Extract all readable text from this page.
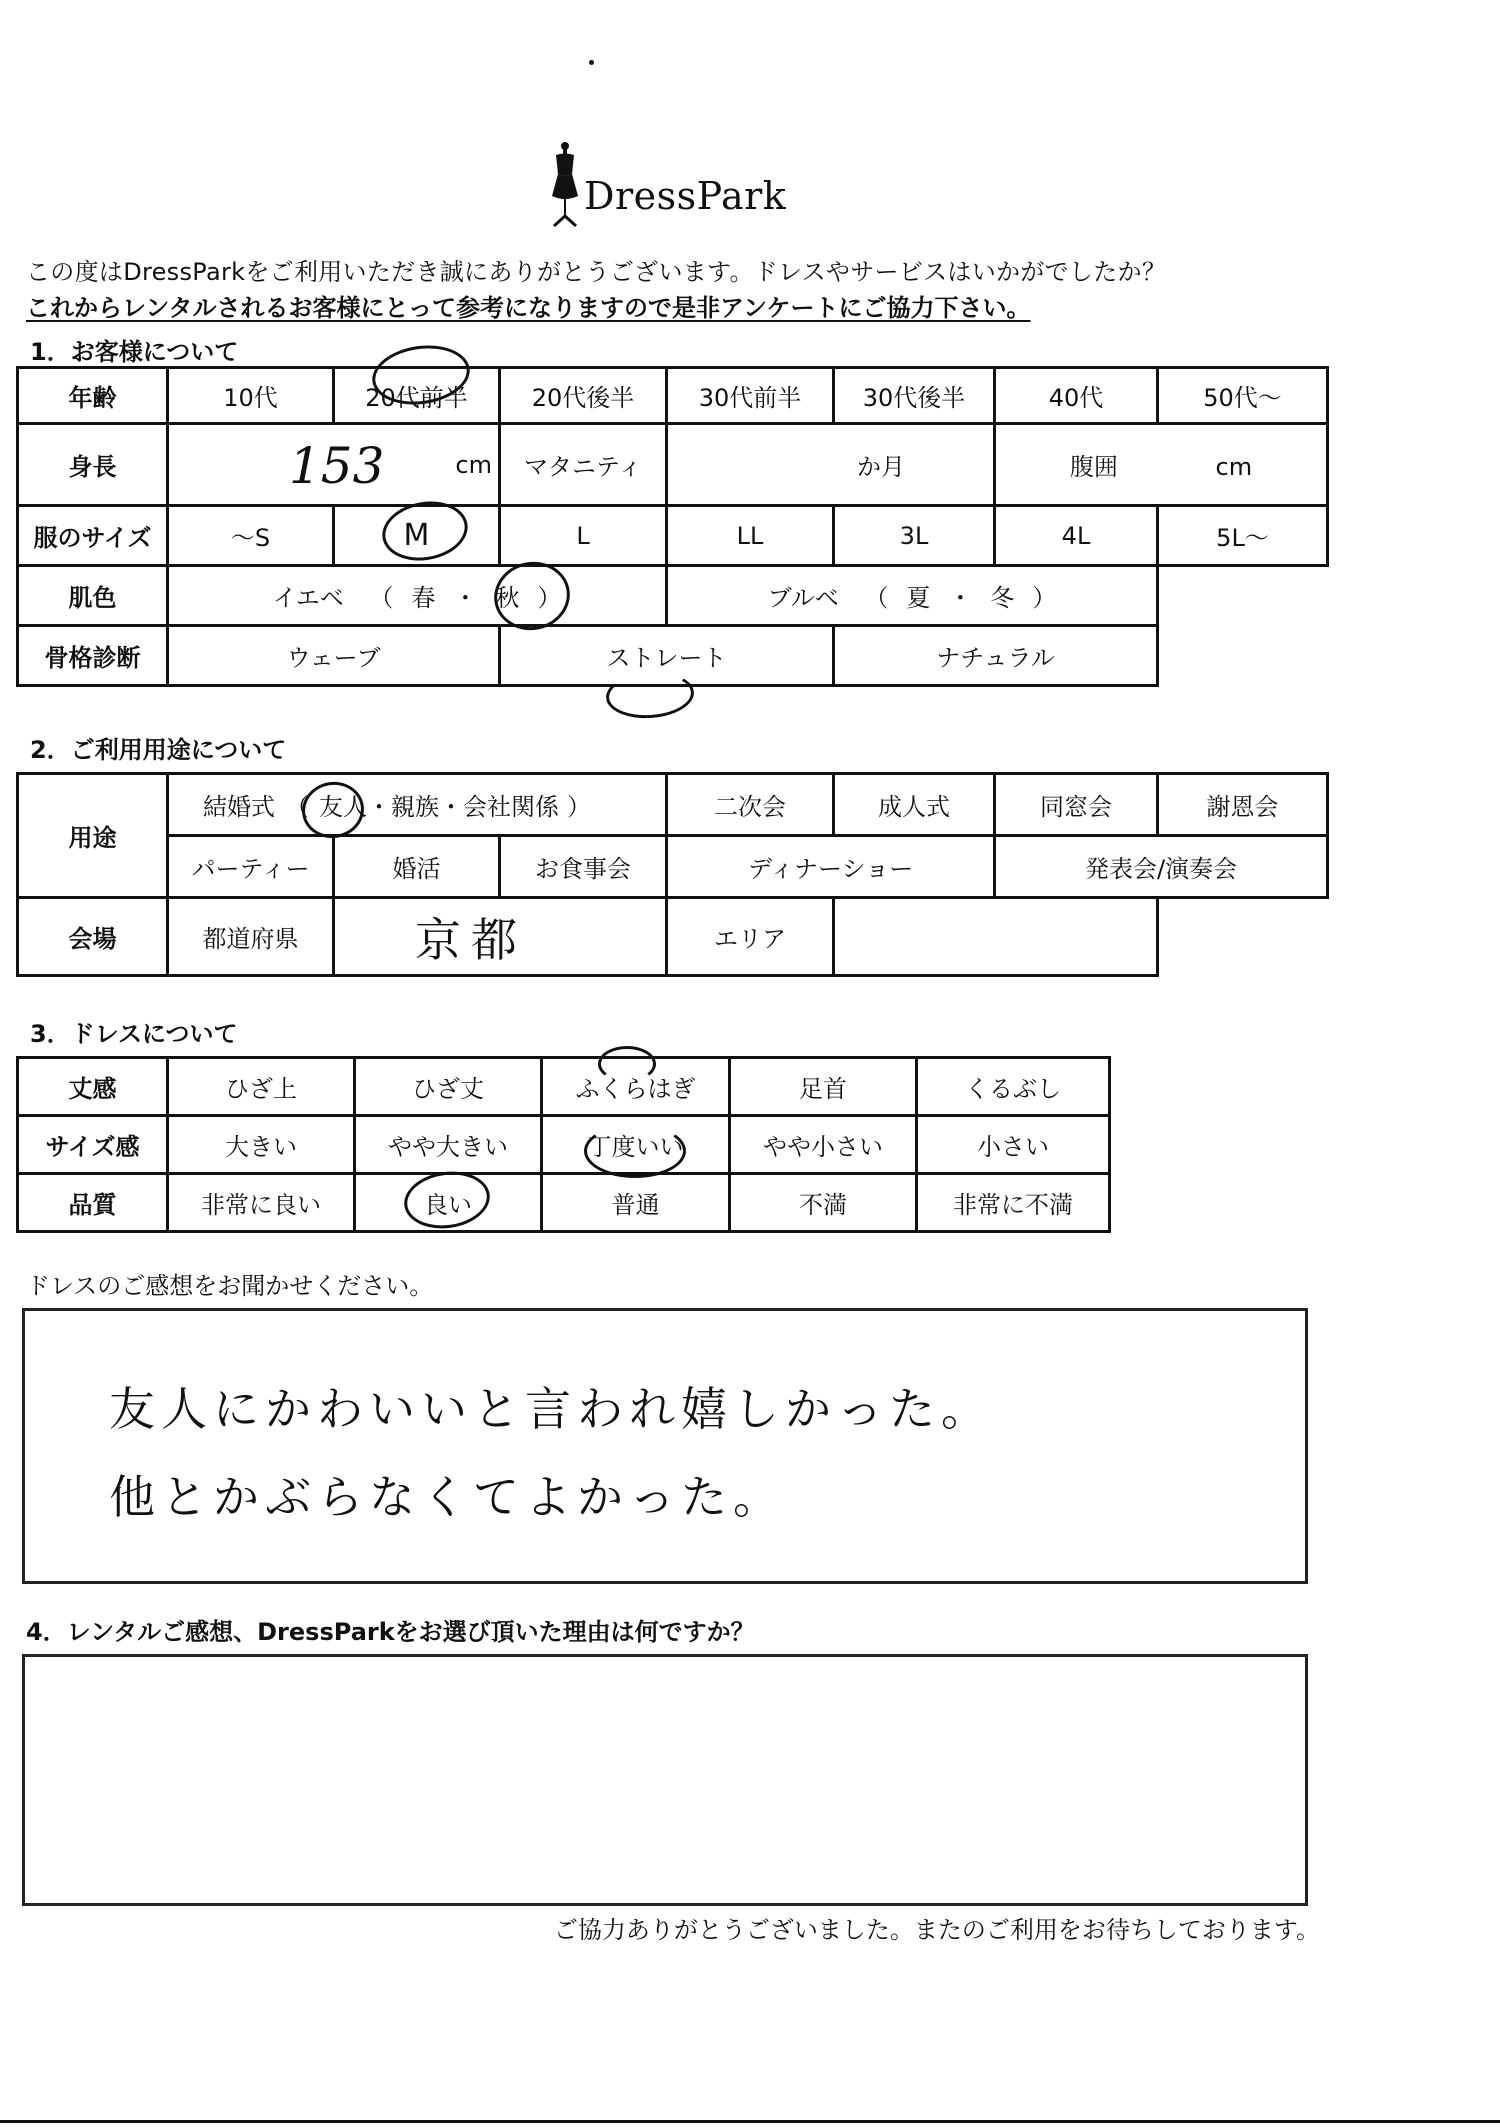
DressPark
この度はDressParkをご利用いただき誠にありがとうございます。ドレスやサービスはいかがでしたか？
これからレンタルされるお客様にとって参考になりますので是非アンケートにご協力下さい。
1．お客様について
年齢	10代	20代前半	20代後半	30代前半	30代後半	40代	50代～
身長	153 cm		マタニティ	か月		腹囲 cm	
服のサイズ	～S	M	L	LL	3L	4L	5L～
肌色	イエベ （ 春 ・ 秋 ）			ブルベ （ 夏 ・ 冬 ）			
骨格診断	ウェーブ		ストレート		ナチュラル		
2．ご利用用途について
用途	結婚式 （ 友人・親族・会社関係 ）			二次会	成人式	同窓会	謝恩会
	パーティー	婚活	お食事会	ディナーショー		発表会/演奏会	
会場	都道府県	京都		エリア			
3．ドレスについて
丈感	ひざ上	ひざ丈	ふくらはぎ	足首	くるぶし
サイズ感	大きい	やや大きい	丁度いい	やや小さい	小さい
品質	非常に良い	良い	普通	不満	非常に不満
ドレスのご感想をお聞かせください。
友人にかわいいと言われ嬉しかった。
他とかぶらなくてよかった。
4．レンタルご感想、DressParkをお選び頂いた理由は何ですか？
ご協力ありがとうございました。またのご利用をお待ちしております。
